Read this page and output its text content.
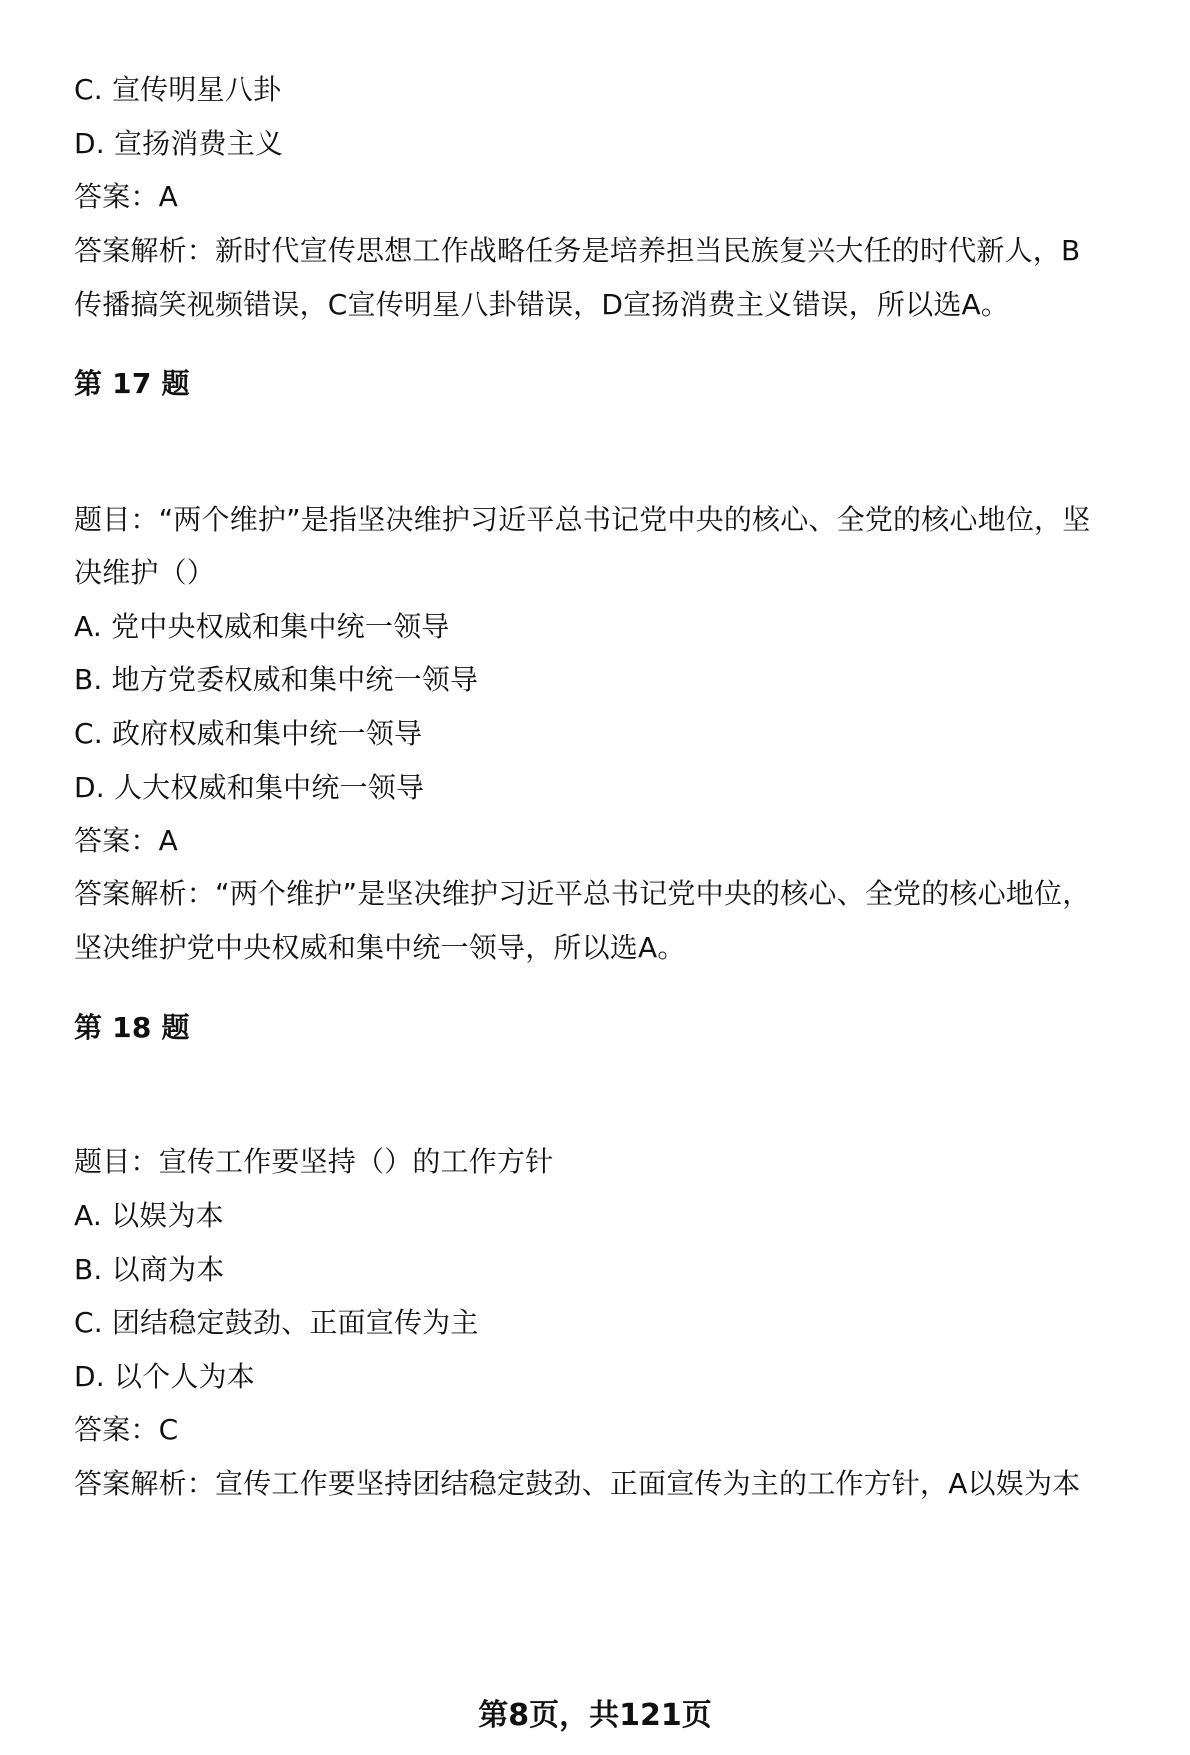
C. 宣传明星八卦
D. 宣扬消费主义
答案：A
答案解析：新时代宣传思想工作战略任务是培养担当民族复兴大任的时代新人，B
传播搞笑视频错误，C宣传明星八卦错误，D宣扬消费主义错误，所以选A。
第 17 题
题目：“两个维护”是指坚决维护习近平总书记党中央的核心、全党的核心地位，坚
决维护（）
A. 党中央权威和集中统一领导
B. 地方党委权威和集中统一领导
C. 政府权威和集中统一领导
D. 人大权威和集中统一领导
答案：A
答案解析：“两个维护”是坚决维护习近平总书记党中央的核心、全党的核心地位，
坚决维护党中央权威和集中统一领导，所以选A。
第 18 题
题目：宣传工作要坚持（）的工作方针
A. 以娱为本
B. 以商为本
C. 团结稳定鼓劲、正面宣传为主
D. 以个人为本
答案：C
答案解析：宣传工作要坚持团结稳定鼓劲、正面宣传为主的工作方针，A以娱为本
第8页，共121页
